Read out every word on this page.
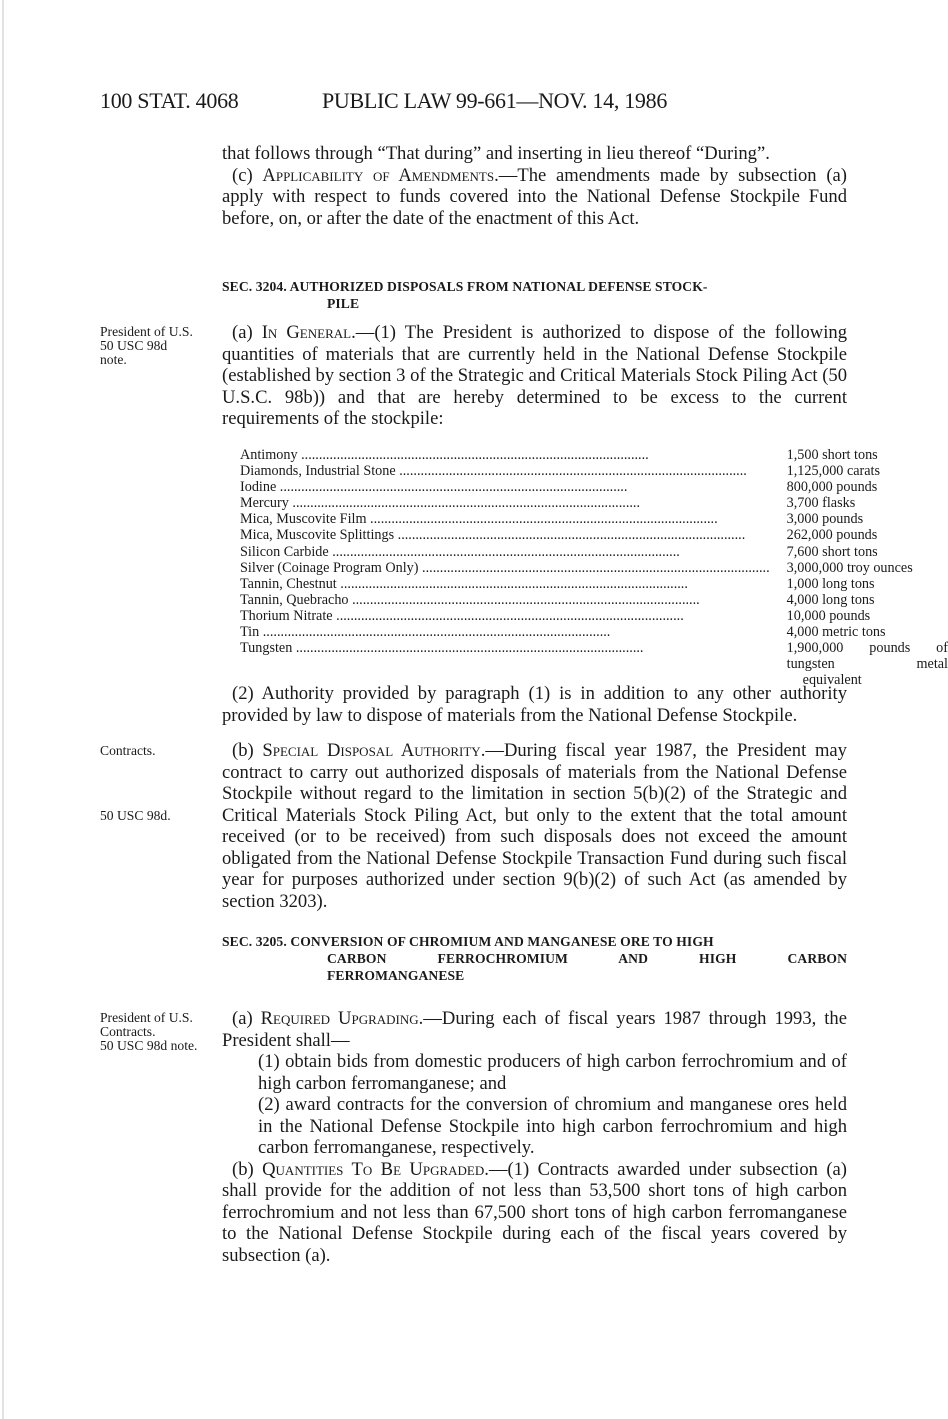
100 STAT. 4068	PUBLIC LAW 99-661—NOV. 14, 1986

that follows through “That during” and inserting in lieu thereof “During”.

(c) Applicability of Amendments.—The amendments made by subsection (a) apply with respect to funds covered into the National Defense Stockpile Fund before, on, or after the date of the enactment of this Act.

SEC. 3204. AUTHORIZED DISPOSALS FROM NATIONAL DEFENSE STOCK-
PILE
President of U.S.
50 USC 98d
note.

(a) In General.—(1) The President is authorized to dispose of the following quantities of materials that are currently held in the National Defense Stockpile (established by section 3 of the Strategic and Critical Materials Stock Piling Act (50 U.S.C. 98b)) and that are hereby determined to be excess to the current requirements of the stockpile:

Antimony .....	1,500 short tons
Diamonds, Industrial Stone .....	1,125,000 carats
Iodine .....	800,000 pounds
Mercury .....	3,700 flasks
Mica, Muscovite Film .....	3,000 pounds
Mica, Muscovite Splittings .....	262,000 pounds
Silicon Carbide .....	7,600 short tons
Silver (Coinage Program Only) .....	3,000,000 troy ounces
Tannin, Chestnut .....	1,000 long tons
Tannin, Quebracho .....	4,000 long tons
Thorium Nitrate .....	10,000 pounds
Tin .....	4,000 metric tons
Tungsten .....	1,900,000 pounds of tungsten metal
equivalent

(2) Authority provided by paragraph (1) is in addition to any other authority provided by law to dispose of materials from the National Defense Stockpile.

Contracts.
50 USC 98d.

(b) Special Disposal Authority.—During fiscal year 1987, the President may contract to carry out authorized disposals of materials from the National Defense Stockpile without regard to the limitation in section 5(b)(2) of the Strategic and Critical Materials Stock Piling Act, but only to the extent that the total amount received (or to be received) from such disposals does not exceed the amount obligated from the National Defense Stockpile Transaction Fund during such fiscal year for purposes authorized under section 9(b)(2) of such Act (as amended by section 3203).

SEC. 3205. CONVERSION OF CHROMIUM AND MANGANESE ORE TO HIGH
CARBON FERROCHROMIUM AND HIGH CARBON
FERROMANGANESE
President of U.S.
Contracts.
50 USC 98d note.

(a) Required Upgrading.—During each of fiscal years 1987 through 1993, the President shall—

(1) obtain bids from domestic producers of high carbon ferrochromium and of high carbon ferromanganese; and

(2) award contracts for the conversion of chromium and manganese ores held in the National Defense Stockpile into high carbon ferrochromium and high carbon ferromanganese, respectively.

(b) Quantities To Be Upgraded.—(1) Contracts awarded under subsection (a) shall provide for the addition of not less than 53,500 short tons of high carbon ferrochromium and not less than 67,500 short tons of high carbon ferromanganese to the National Defense Stockpile during each of the fiscal years covered by subsection (a).
